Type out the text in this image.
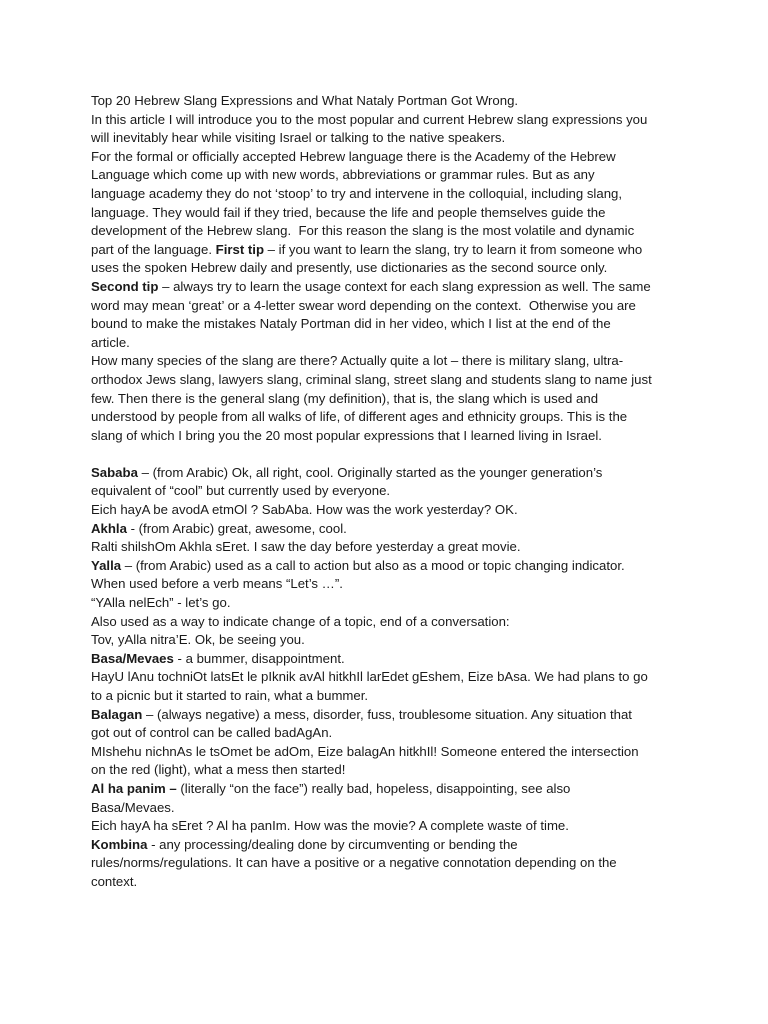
Top 20 Hebrew Slang Expressions and What Nataly Portman Got Wrong.
In this article I will introduce you to the most popular and current Hebrew slang expressions you
will inevitably hear while visiting Israel or talking to the native speakers.
For the formal or officially accepted Hebrew language there is the Academy of the Hebrew
Language which come up with new words, abbreviations or grammar rules. But as any
language academy they do not ‘stoop’ to try and intervene in the colloquial, including slang,
language. They would fail if they tried, because the life and people themselves guide the
development of the Hebrew slang.  For this reason the slang is the most volatile and dynamic
part of the language. First tip – if you want to learn the slang, try to learn it from someone who
uses the spoken Hebrew daily and presently, use dictionaries as the second source only.
Second tip – always try to learn the usage context for each slang expression as well. The same
word may mean ‘great’ or a 4-letter swear word depending on the context.  Otherwise you are
bound to make the mistakes Nataly Portman did in her video, which I list at the end of the
article.
How many species of the slang are there? Actually quite a lot – there is military slang, ultra-
orthodox Jews slang, lawyers slang, criminal slang, street slang and students slang to name just
few. Then there is the general slang (my definition), that is, the slang which is used and
understood by people from all walks of life, of different ages and ethnicity groups. This is the
slang of which I bring you the 20 most popular expressions that I learned living in Israel.
Sababa – (from Arabic) Ok, all right, cool. Originally started as the younger generation’s
equivalent of “cool” but currently used by everyone.
Eich hayA be avodA etmOl ? SabAba. How was the work yesterday? OK.
Akhla - (from Arabic) great, awesome, cool.
Ralti shilshOm Akhla sEret. I saw the day before yesterday a great movie.
Yalla – (from Arabic) used as a call to action but also as a mood or topic changing indicator.
When used before a verb means “Let’s …”.
“YAlla nelEch” - let’s go.
Also used as a way to indicate change of a topic, end of a conversation:
Tov, yAlla nitra’E. Ok, be seeing you.
Basa/Mevaes - a bummer, disappointment.
HayU lAnu tochniOt latsEt le pIknik avAl hitkhIl larEdet gEshem, Eize bAsa. We had plans to go
to a picnic but it started to rain, what a bummer.
Balagan – (always negative) a mess, disorder, fuss, troublesome situation. Any situation that
got out of control can be called badAgAn.
MIshehu nichnAs le tsOmet be adOm, Eize balagAn hitkhIl! Someone entered the intersection
on the red (light), what a mess then started!
Al ha panim – (literally “on the face”) really bad, hopeless, disappointing, see also
Basa/Mevaes.
Eich hayA ha sEret ? Al ha panIm. How was the movie? A complete waste of time.
Kombina - any processing/dealing done by circumventing or bending the
rules/norms/regulations. It can have a positive or a negative connotation depending on the
context.
